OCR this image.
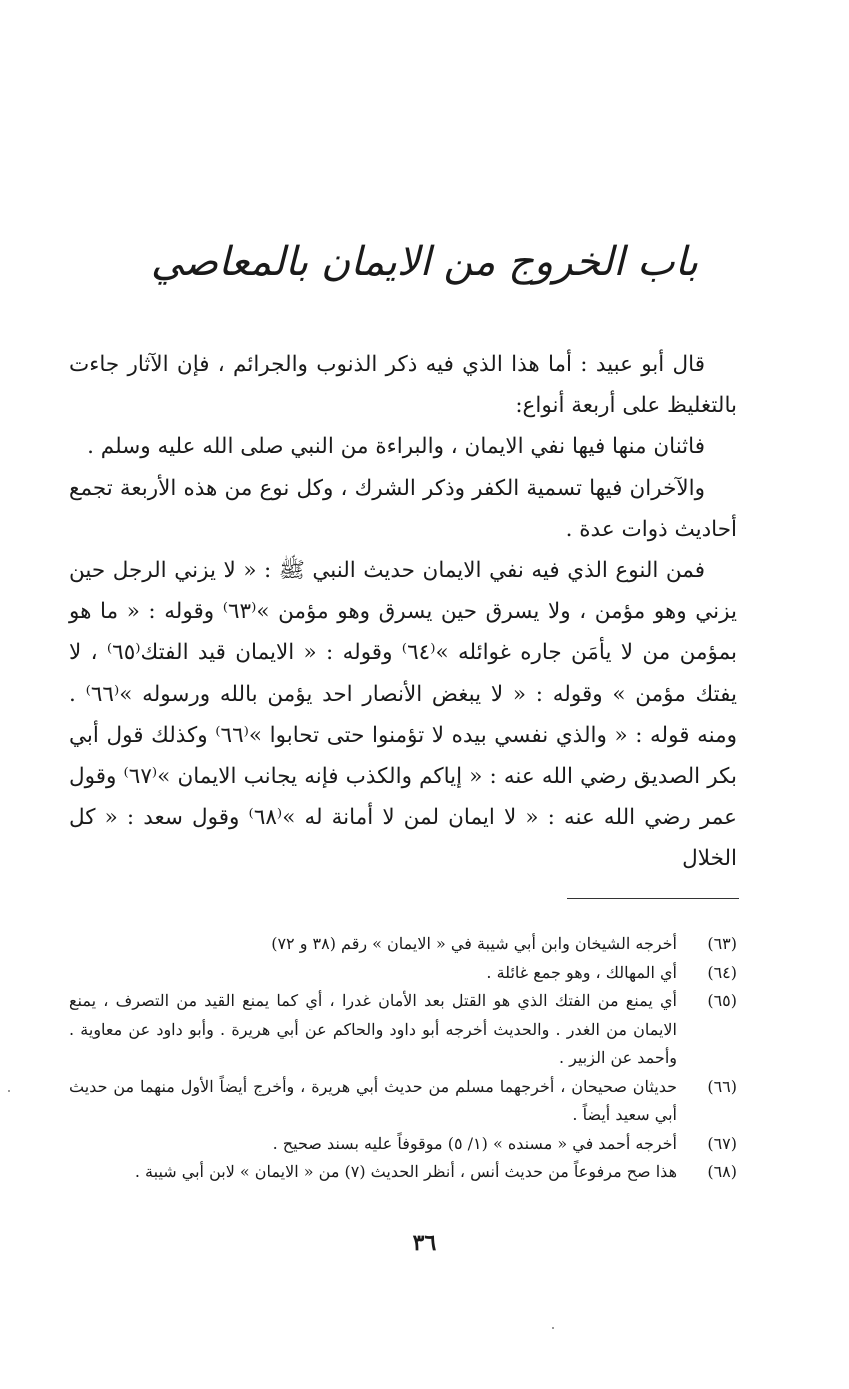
باب الخروج من الايمان بالمعاصي

قال أبو عبيد : أما هذا الذي فيه ذكر الذنوب والجرائم ، فإن الآثار جاءت بالتغليظ على أربعة أنواع:

فاثنان منها فيها نفي الايمان ، والبراءة من النبي صلى الله عليه وسلم .

والآخران فيها تسمية الكفر وذكر الشرك ، وكل نوع من هذه الأربعة تجمع أحاديث ذوات عدة .

فمن النوع الذي فيه نفي الايمان حديث النبي ﷺ : « لا يزني الرجل حين يزني وهو مؤمن ، ولا يسرق حين يسرق وهو مؤمن »⁽٦٣⁾ وقوله : « ما هو بمؤمن من لا يأمَن جاره غوائله »⁽٦٤⁾ وقوله : « الايمان قيد الفتك⁽٦٥⁾ ، لا يفتك مؤمن » وقوله : « لا يبغض الأنصار احد يؤمن بالله ورسوله »⁽٦٦⁾ . ومنه قوله : « والذي نفسي بيده لا تؤمنوا حتى تحابوا »⁽٦٦⁾ وكذلك قول أبي بكر الصديق رضي الله عنه : « إياكم والكذب فإنه يجانب الايمان »⁽٦٧⁾ وقول عمر رضي الله عنه : « لا ايمان لمن لا أمانة له »⁽٦٨⁾ وقول سعد : « كل الخلال

(٦٣)
أخرجه الشيخان وابن أبي شيبة في « الايمان » رقم (٣٨ و ٧٢)
(٦٤)
أي المهالك ، وهو جمع غائلة .
(٦٥)
أي يمنع من الفتك الذي هو القتل بعد الأمان غدرا ، أي كما يمنع القيد من التصرف ، يمنع الايمان من الغدر . والحديث أخرجه أبو داود والحاكم عن أبي هريرة . وأبو داود عن معاوية . وأحمد عن الزبير .
(٦٦)
حديثان صحيحان ، أخرجهما مسلم من حديث أبي هريرة ، وأخرج أيضاً الأول منهما من حديث أبي سعيد أيضاً .
(٦٧)
أخرجه أحمد في « مسنده » (١/ ٥) موقوفاً عليه بسند صحيح .
(٦٨)
هذا صح مرفوعاً من حديث أنس ، أنظر الحديث (٧) من « الايمان » لابن أبي شيبة .
٣٦
